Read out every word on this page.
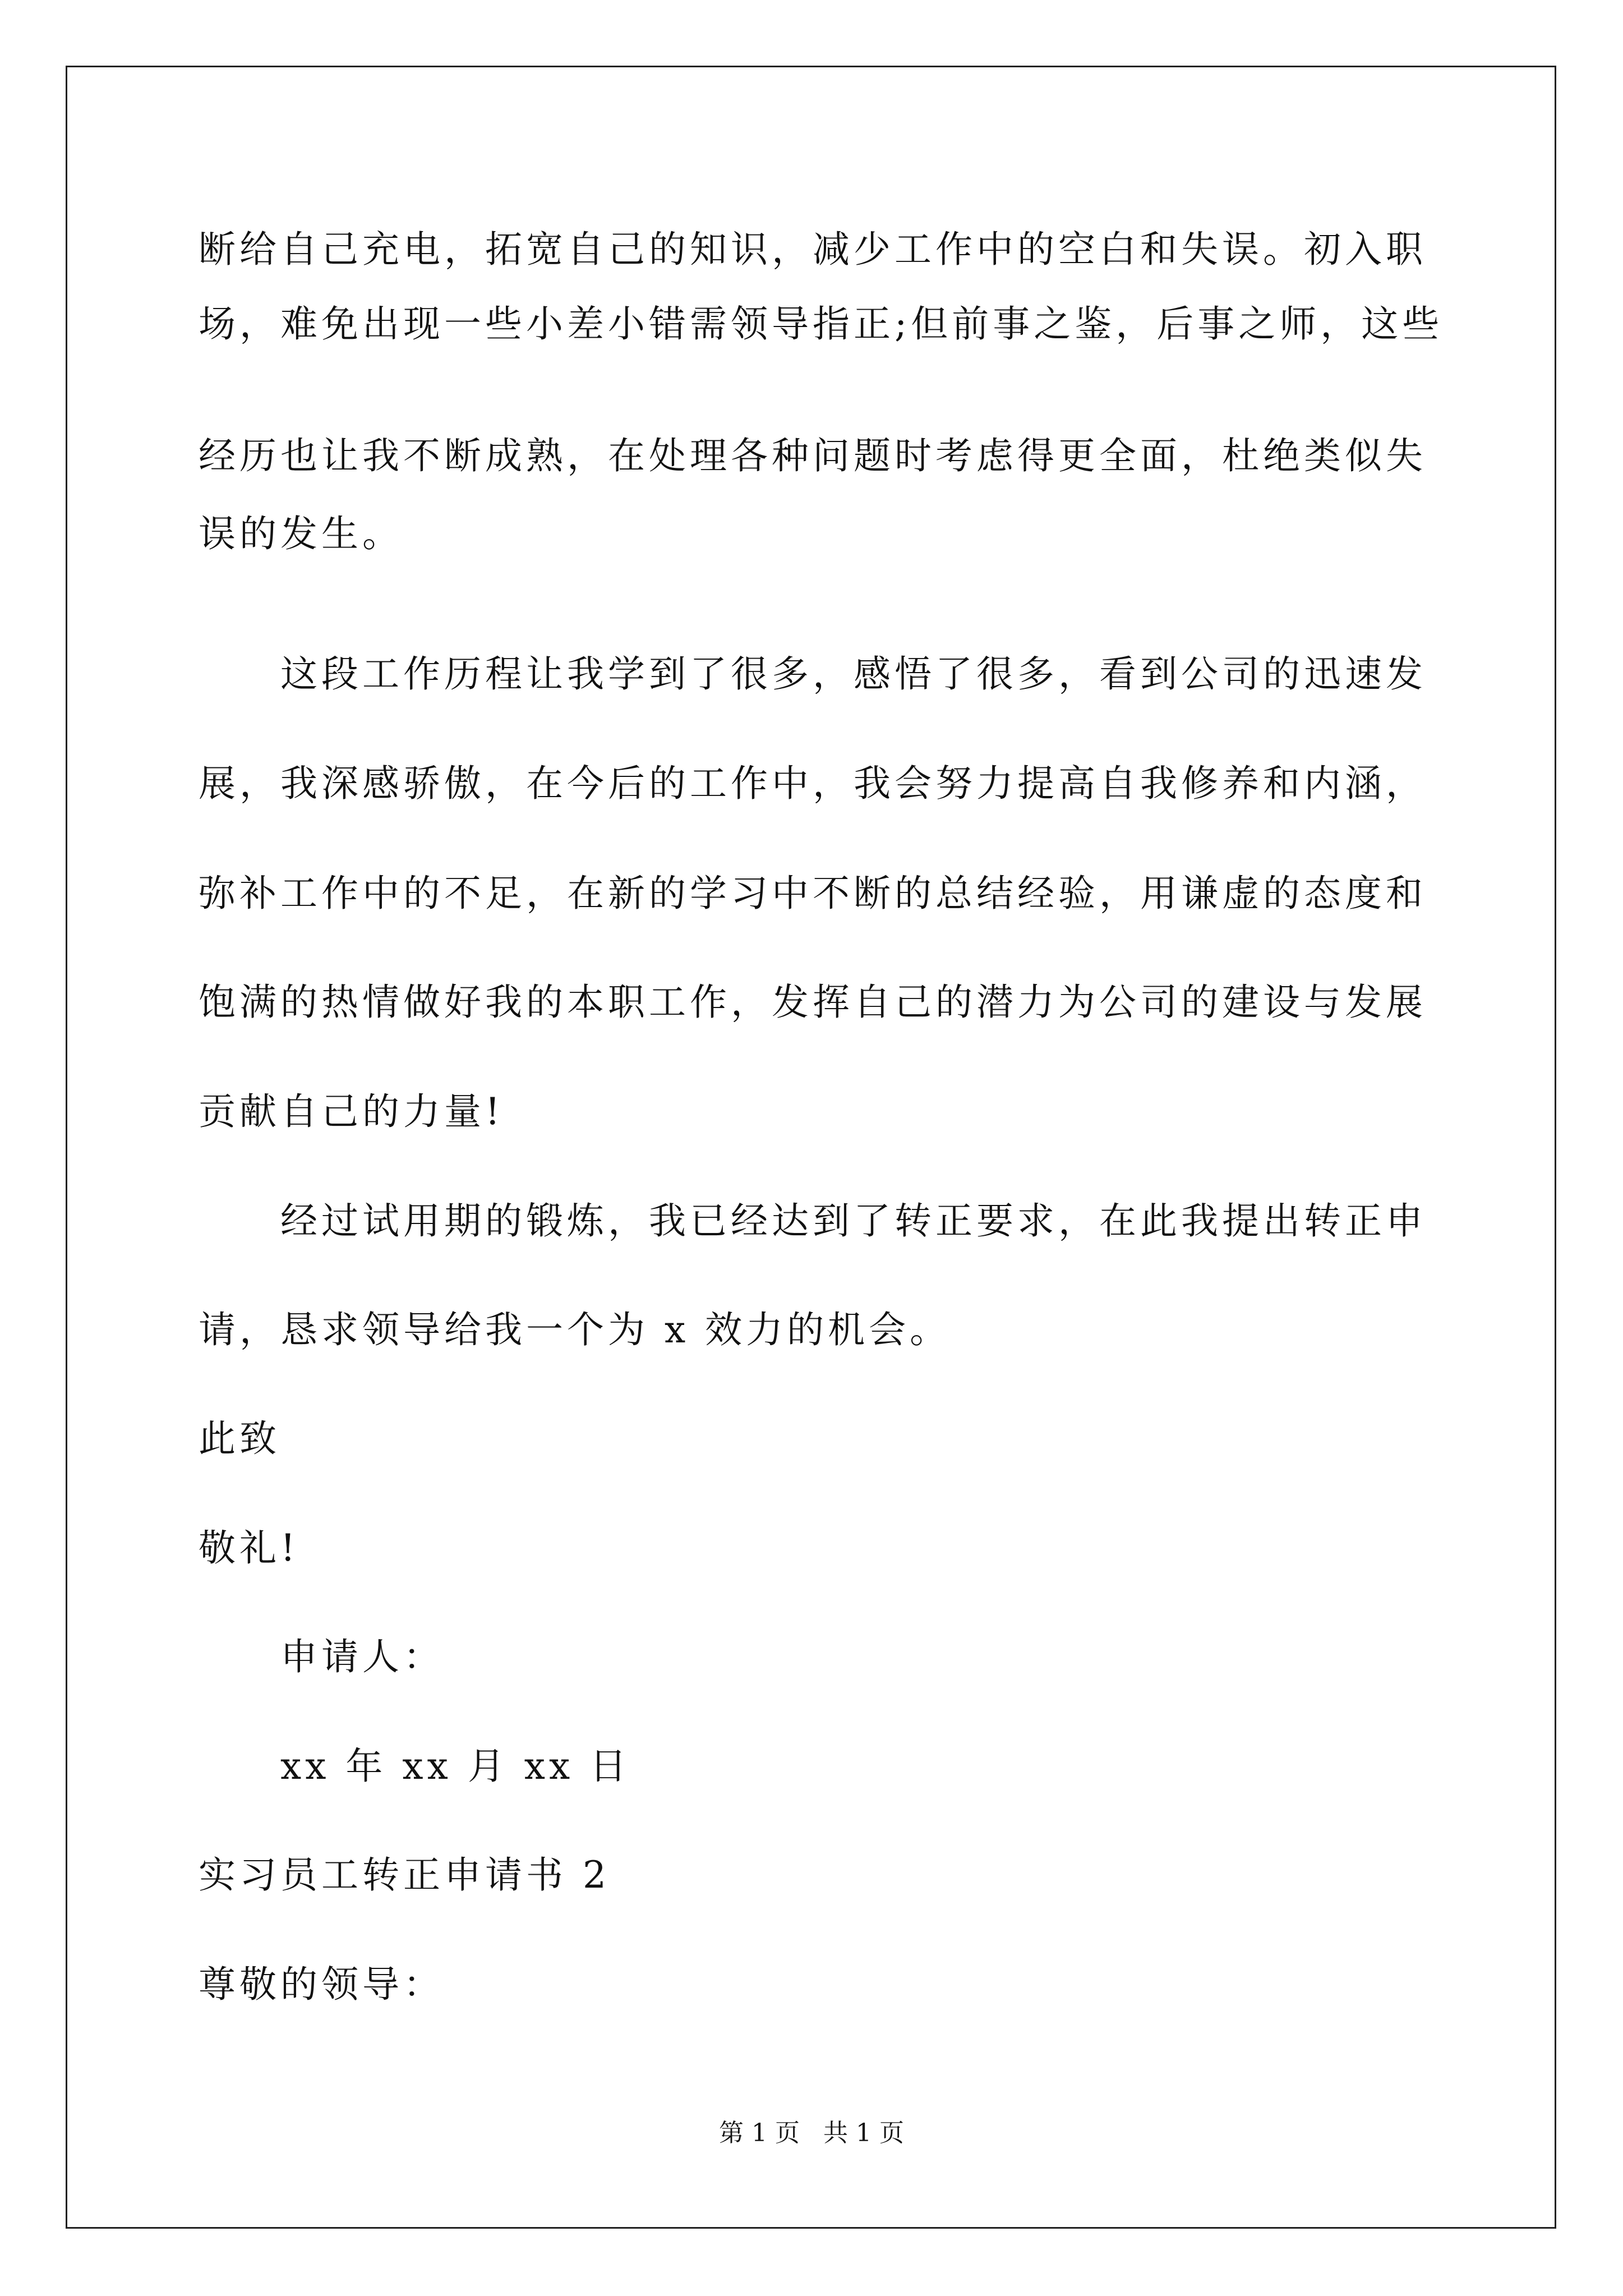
断给自己充电，拓宽自己的知识，减少工作中的空白和失误。初入职
场，难免出现一些小差小错需领导指正;但前事之鉴，后事之师，这些
经历也让我不断成熟，在处理各种问题时考虑得更全面，杜绝类似失
误的发生。
这段工作历程让我学到了很多，感悟了很多，看到公司的迅速发
展，我深感骄傲，在今后的工作中，我会努力提高自我修养和内涵，
弥补工作中的不足，在新的学习中不断的总结经验，用谦虚的态度和
饱满的热情做好我的本职工作，发挥自己的潜力为公司的建设与发展
贡献自己的力量!
经过试用期的锻炼，我已经达到了转正要求，在此我提出转正申
请，恳求领导给我一个为 x 效力的机会。
此致
敬礼!
申请人：
xx 年 xx 月 xx 日
实习员工转正申请书 2
尊敬的领导：
第 1 页   共 1 页
